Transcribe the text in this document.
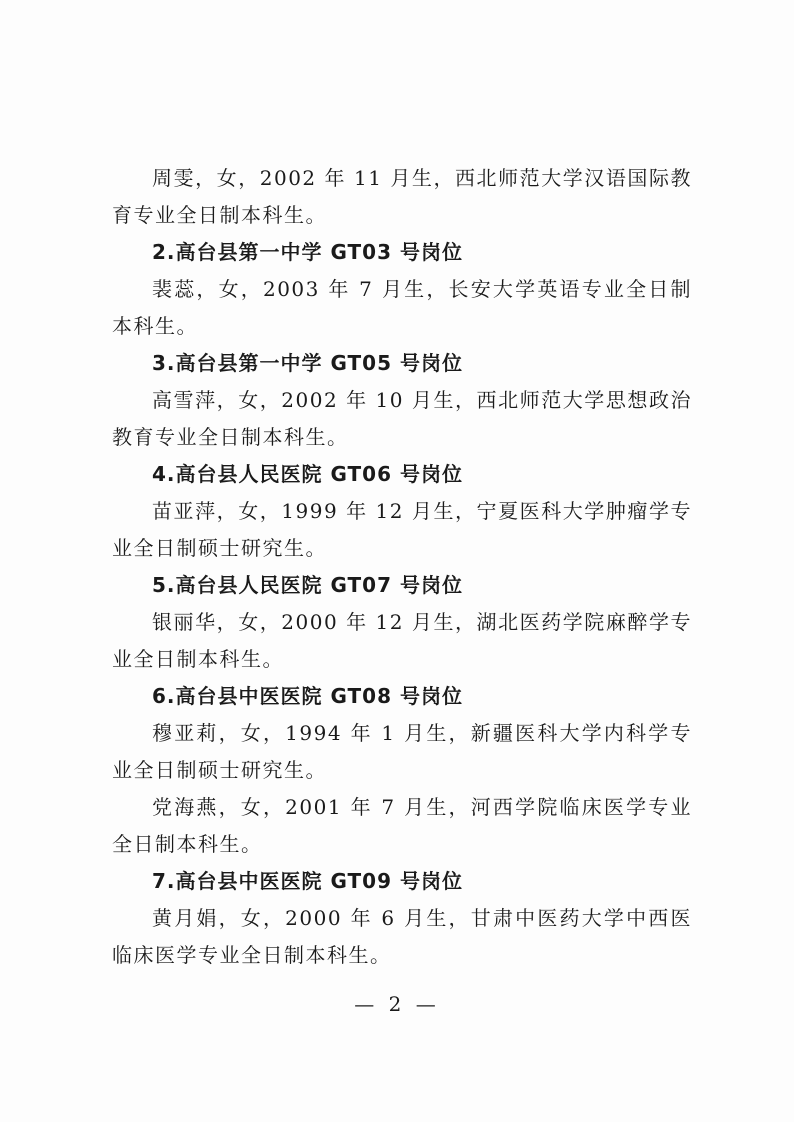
周雯，女，2002 年 11 月生，西北师范大学汉语国际教育专业全日制本科生。

2.高台县第一中学 GT03 号岗位

裴蕊，女，2003 年 7 月生，长安大学英语专业全日制本科生。

3.高台县第一中学 GT05 号岗位

高雪萍，女，2002 年 10 月生，西北师范大学思想政治教育专业全日制本科生。

4.高台县人民医院 GT06 号岗位

苗亚萍，女，1999 年 12 月生，宁夏医科大学肿瘤学专业全日制硕士研究生。

5.高台县人民医院 GT07 号岗位

银丽华，女，2000 年 12 月生，湖北医药学院麻醉学专业全日制本科生。

6.高台县中医医院 GT08 号岗位

穆亚莉，女，1994 年 1 月生，新疆医科大学内科学专业全日制硕士研究生。

党海燕，女，2001 年 7 月生，河西学院临床医学专业全日制本科生。

7.高台县中医医院 GT09 号岗位

黄月娟，女，2000 年 6 月生，甘肃中医药大学中西医临床医学专业全日制本科生。

— 2 —
